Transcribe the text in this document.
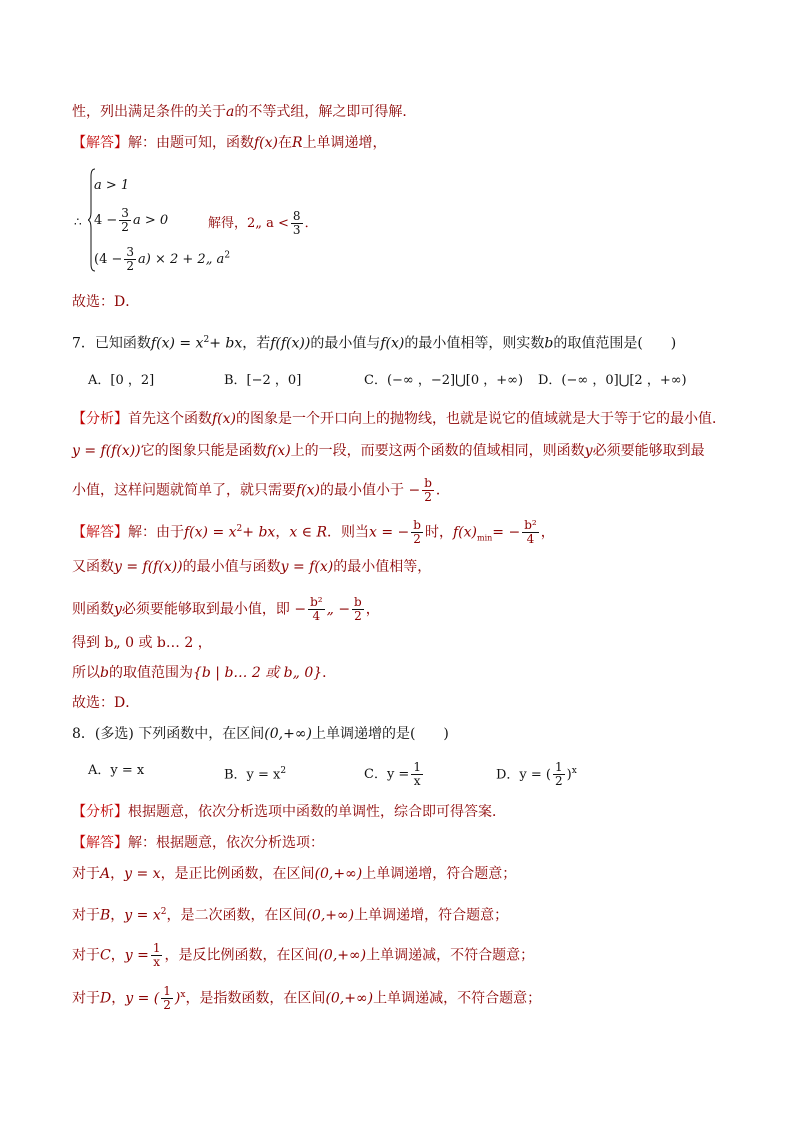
性，列出满足条件的关于a的不等式组，解之即可得解．
【解答】解：由题可知，函数f(x)在R上单调递增，
∴
a > 1
$4 - \frac{3}{2}$ a > 0
$(4 - \frac{3}{2} a) \times 2$ + 2„ $a^2$
解得，2„ $a < \frac{8}{3}$ ．
故选：D．
7．已知函数$f(x) = x^2+$ bx，若f(f(x))的最小值与f(x)的最小值相等，则实数b的取值范围是(　　)
A．[0 ，2]	B．[−2 ，0]	C．(−∞ ，−2]⋃[0 ，+∞) D．(−∞ ，0]⋃[2 ，+∞)
【分析】首先这个函数f(x)的图象是一个开口向上的抛物线，也就是说它的值域就是大于等于它的最小值．
y = f(f(x))它的图象只能是函数f(x)上的一段，而要这两个函数的值域相同，则函数y必须要能够取到最
小值，这样问题就简单了，就只需要f(x)的最小值小于 − $\frac{b}{2}$ ．
【解答】解：由于$f(x) = x^2+$ bx，x ∈ R．则当x = − $\frac{b}{2}$ 时，$f(x)_{min}= - \frac{\text{b²}}{4}$ ，
又函数y = f(f(x))的最小值与函数y = f(x)的最小值相等，
则函数y必须要能够取到最小值，即 − $\frac{\text{b²}}{4}$ „ − $\frac{b}{2}$ ，
得到 b„ 0 或 b… 2 ，
所以b的取值范围为{b | b… 2 或 b„ 0}．
故选：D．
8．(多选) 下列函数中，在区间(0,+∞)上单调递增的是(　　)
A．y = x	B．$y = x^2$	C．$y = \frac{1}{x}$	D．y = ( $\frac{1}{2} )^x$
【分析】根据题意，依次分析选项中函数的单调性，综合即可得答案．
【解答】解：根据题意，依次分析选项：
对于A，y = x，是正比例函数，在区间(0,+∞)上单调递增，符合题意；
对于B，$y = x^2$，是二次函数，在区间(0,+∞)上单调递增，符合题意；
对于C，$y = \frac{1}{x}$ ，是反比例函数，在区间(0,+∞)上单调递减，不符合题意；
对于D，y = ( $\frac{1}{2} )^x$，是指数函数，在区间(0,+∞)上单调递减，不符合题意；
